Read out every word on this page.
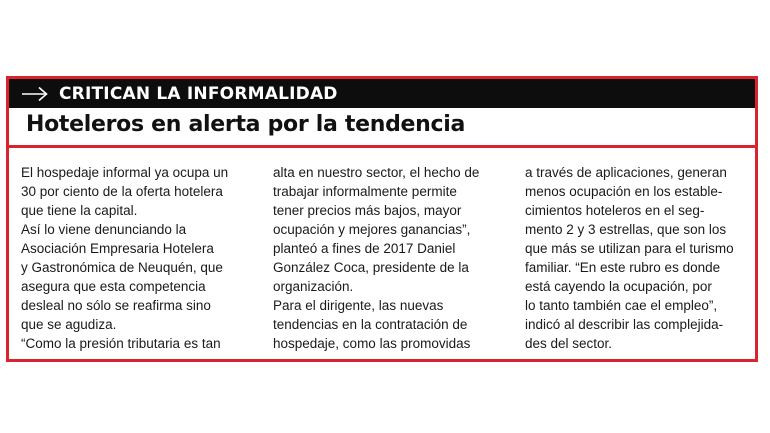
CRITICAN LA INFORMALIDAD
Hoteleros en alerta por la tendencia
El hospedaje informal ya ocupa un
30 por ciento de la oferta hotelera
que tiene la capital.
Así lo viene denunciando la
Asociación Empresaria Hotelera
y Gastronómica de Neuquén, que
asegura que esta competencia
desleal no sólo se reafirma sino
que se agudiza.
“Como la presión tributaria es tan
alta en nuestro sector, el hecho de
trabajar informalmente permite
tener precios más bajos, mayor
ocupación y mejores ganancias”,
planteó a fines de 2017 Daniel
González Coca, presidente de la
organización.
Para el dirigente, las nuevas
tendencias en la contratación de
hospedaje, como las promovidas
a través de aplicaciones, generan
menos ocupación en los estable-
cimientos hoteleros en el seg-
mento 2 y 3 estrellas, que son los
que más se utilizan para el turismo
familiar. “En este rubro es donde
está cayendo la ocupación, por
lo tanto también cae el empleo”,
indicó al describir las complejida-
des del sector.
